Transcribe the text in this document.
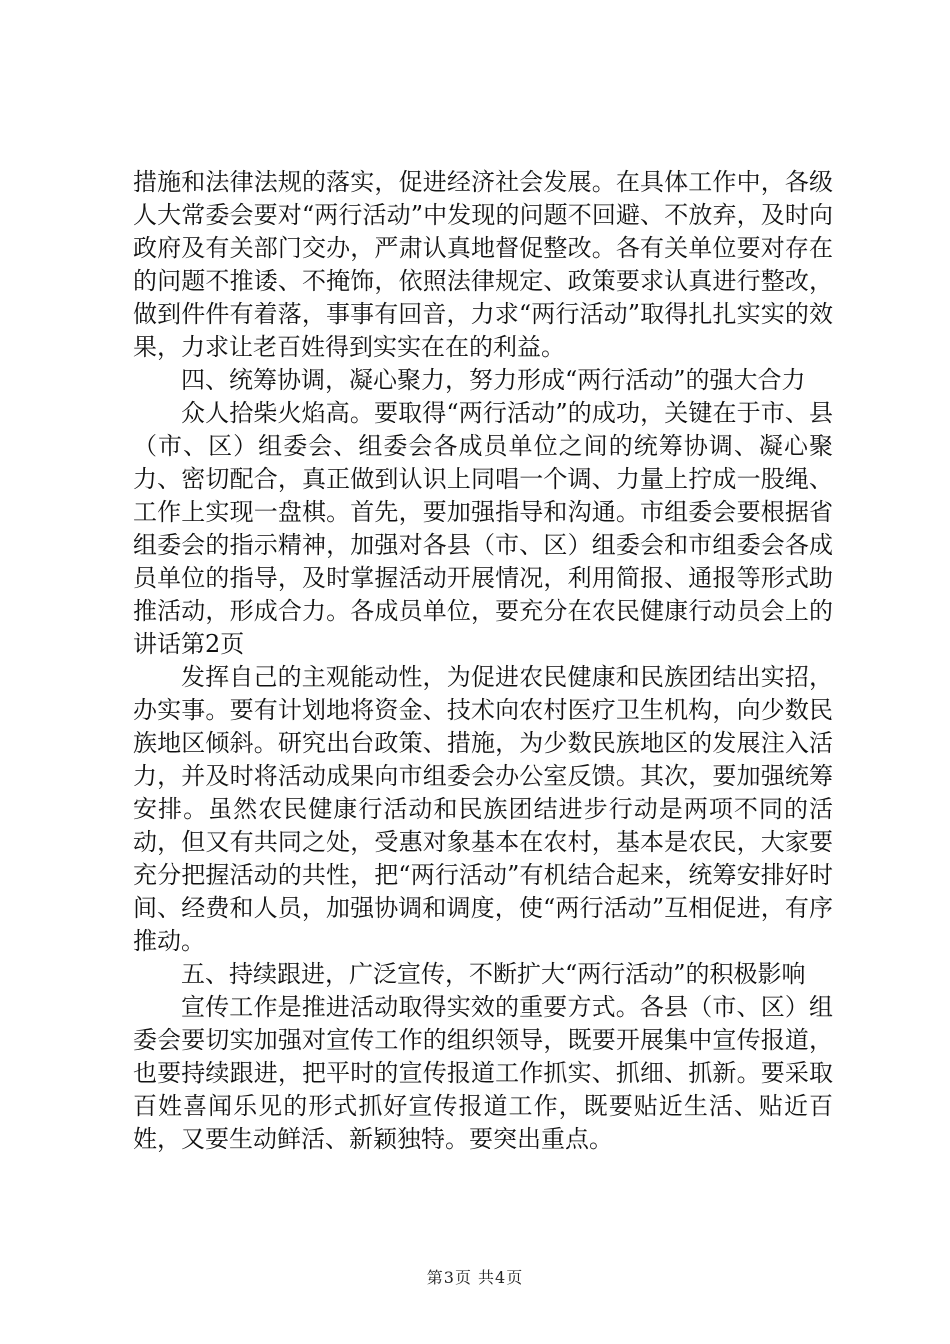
措施和法律法规的落实，促进经济社会发展。在具体工作中，各级人大常委会要对“两行活动”中发现的问题不回避、不放弃，及时向政府及有关部门交办，严肃认真地督促整改。各有关单位要对存在的问题不推诿、不掩饰，依照法律规定、政策要求认真进行整改，做到件件有着落，事事有回音，力求“两行活动”取得扎扎实实的效果，力求让老百姓得到实实在在的利益。

四、统筹协调，凝心聚力，努力形成“两行活动”的强大合力

众人拾柴火焰高。要取得“两行活动”的成功，关键在于市、县（市、区）组委会、组委会各成员单位之间的统筹协调、凝心聚力、密切配合，真正做到认识上同唱一个调、力量上拧成一股绳、工作上实现一盘棋。首先，要加强指导和沟通。市组委会要根据省组委会的指示精神，加强对各县（市、区）组委会和市组委会各成员单位的指导，及时掌握活动开展情况，利用简报、通报等形式助推活动，形成合力。各成员单位，要充分在农民健康行动员会上的讲话第2页

发挥自己的主观能动性，为促进农民健康和民族团结出实招，办实事。要有计划地将资金、技术向农村医疗卫生机构，向少数民族地区倾斜。研究出台政策、措施，为少数民族地区的发展注入活力，并及时将活动成果向市组委会办公室反馈。其次，要加强统筹安排。虽然农民健康行活动和民族团结进步行动是两项不同的活动，但又有共同之处，受惠对象基本在农村，基本是农民，大家要充分把握活动的共性，把“两行活动”有机结合起来，统筹安排好时间、经费和人员，加强协调和调度，使“两行活动”互相促进，有序推动。

五、持续跟进，广泛宣传，不断扩大“两行活动”的积极影响

宣传工作是推进活动取得实效的重要方式。各县（市、区）组委会要切实加强对宣传工作的组织领导，既要开展集中宣传报道，也要持续跟进，把平时的宣传报道工作抓实、抓细、抓新。要采取百姓喜闻乐见的形式抓好宣传报道工作，既要贴近生活、贴近百姓，又要生动鲜活、新颖独特。要突出重点。

第3页 共4页
